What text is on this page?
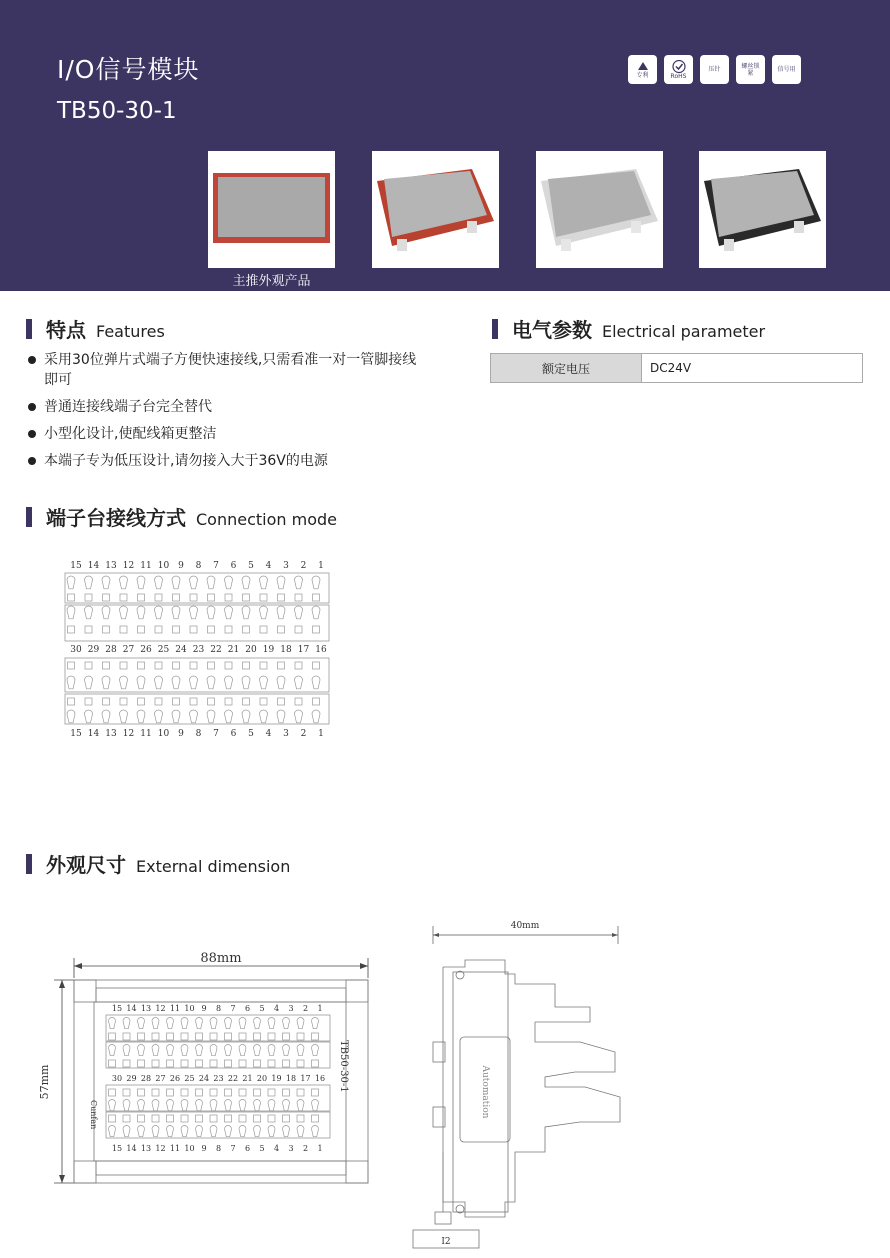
I/O信号模块
TB50-30-1
专利	RoHS
压针	螺丝锁紧	信号用
主推外观产品
特点 Features
采用30位弹片式端子方便快速接线,只需看准一对一管脚接线即可
普通连接线端子台完全替代
小型化设计,使配线箱更整洁
本端子专为低压设计,请勿接入大于36V的电源
电气参数 Electrical parameter
额定电压	DC24V
端子台接线方式 Connection mode
15 14 13 12 11 10 9 8 7 6 5 4 3 2 1
30 29 28 27 26 25 24 23 22 21 20 19 18 17 16
15 14 13 12 11 10 9 8 7 6 5 4 3 2 1
外观尺寸 External dimension
88mm
57mm
15 14 13 12 11 10 9 8 7 6 5 4 3 2 1
30 29 28 27 26 25 24 23 22 21 20 19 18 17 16
15 14 13 12 11 10 9 8 7 6 5 4 3 2 1
TB50-30-1
Cunfan
40mm
Automation
I2
